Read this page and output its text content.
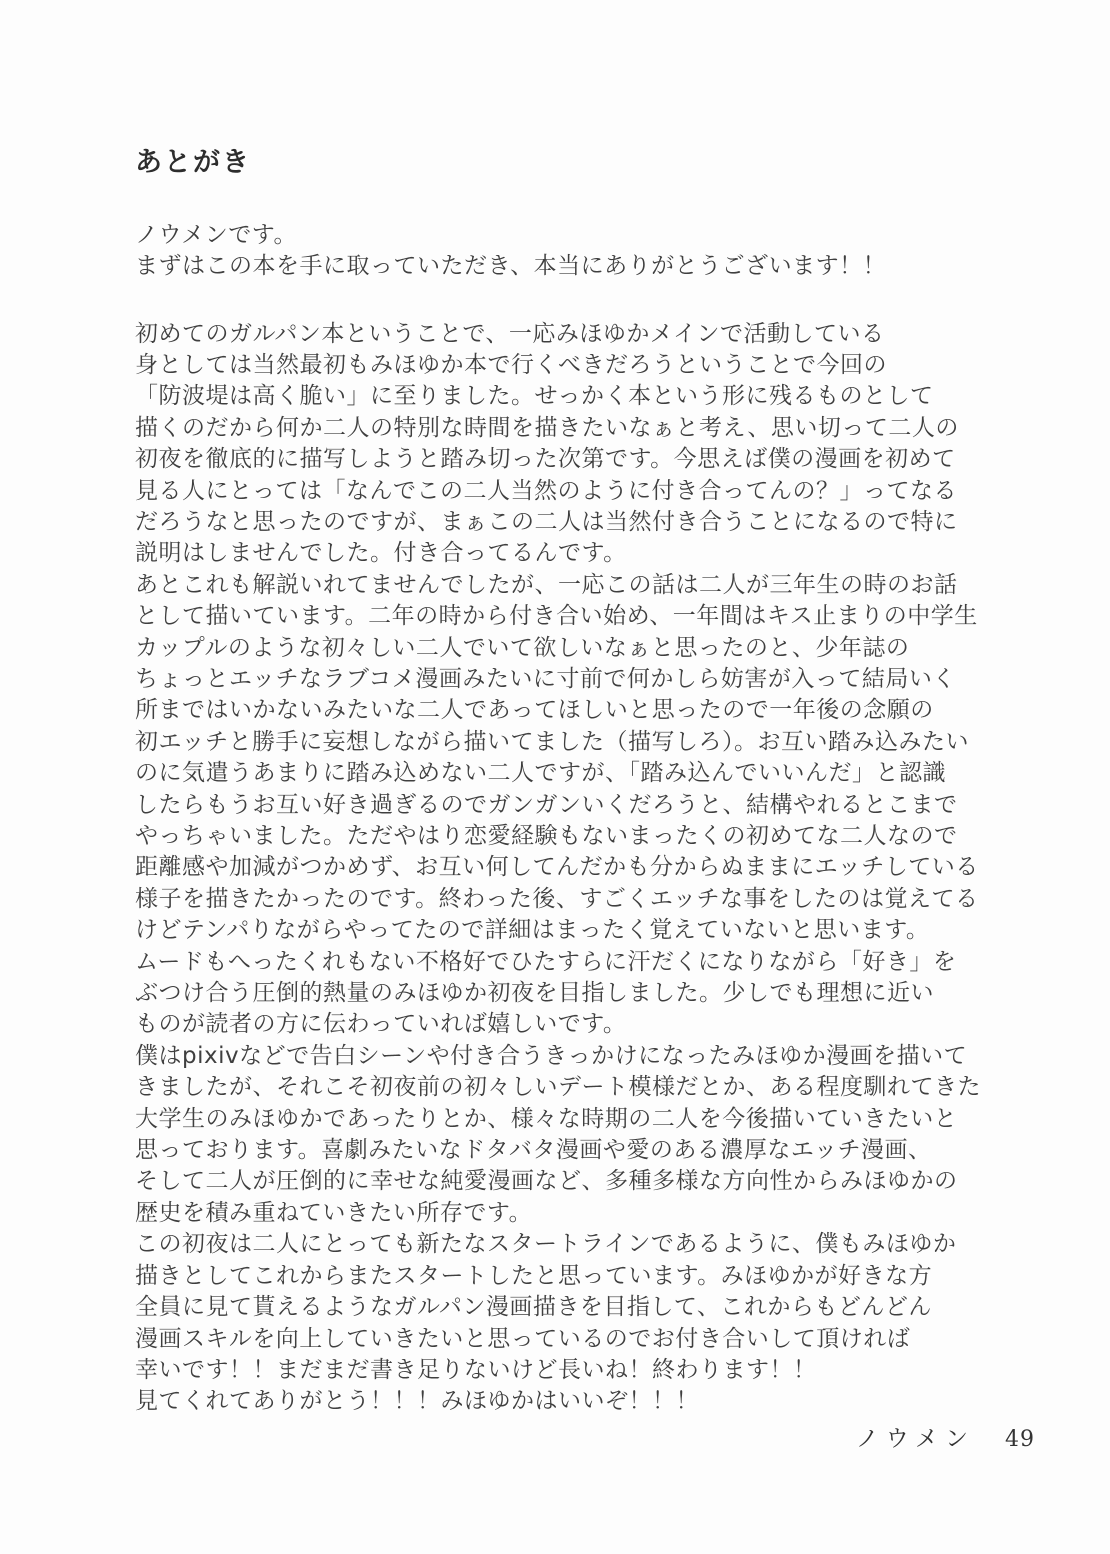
あとがき
ノウメンです。
まずはこの本を手に取っていただき、本当にありがとうございます！！
初めてのガルパン本ということで、一応みほゆかメインで活動している
身としては当然最初もみほゆか本で行くべきだろうということで今回の
「防波堤は高く脆い」に至りました。せっかく本という形に残るものとして
描くのだから何か二人の特別な時間を描きたいなぁと考え、思い切って二人の
初夜を徹底的に描写しようと踏み切った次第です。今思えば僕の漫画を初めて
見る人にとっては「なんでこの二人当然のように付き合ってんの？」ってなる
だろうなと思ったのですが、まぁこの二人は当然付き合うことになるので特に
説明はしませんでした。付き合ってるんです。
あとこれも解説いれてませんでしたが、一応この話は二人が三年生の時のお話
として描いています。二年の時から付き合い始め、一年間はキス止まりの中学生
カップルのような初々しい二人でいて欲しいなぁと思ったのと、少年誌の
ちょっとエッチなラブコメ漫画みたいに寸前で何かしら妨害が入って結局いく
所まではいかないみたいな二人であってほしいと思ったので一年後の念願の
初エッチと勝手に妄想しながら描いてました（描写しろ）。お互い踏み込みたい
のに気遣うあまりに踏み込めない二人ですが、「踏み込んでいいんだ」と認識
したらもうお互い好き過ぎるのでガンガンいくだろうと、結構やれるとこまで
やっちゃいました。ただやはり恋愛経験もないまったくの初めてな二人なので
距離感や加減がつかめず、お互い何してんだかも分からぬままにエッチしている
様子を描きたかったのです。終わった後、すごくエッチな事をしたのは覚えてる
けどテンパりながらやってたので詳細はまったく覚えていないと思います。
ムードもへったくれもない不格好でひたすらに汗だくになりながら「好き」を
ぶつけ合う圧倒的熱量のみほゆか初夜を目指しました。少しでも理想に近い
ものが読者の方に伝わっていれば嬉しいです。
僕はpixivなどで告白シーンや付き合うきっかけになったみほゆか漫画を描いて
きましたが、それこそ初夜前の初々しいデート模様だとか、ある程度馴れてきた
大学生のみほゆかであったりとか、様々な時期の二人を今後描いていきたいと
思っております。喜劇みたいなドタバタ漫画や愛のある濃厚なエッチ漫画、
そして二人が圧倒的に幸せな純愛漫画など、多種多様な方向性からみほゆかの
歴史を積み重ねていきたい所存です。
この初夜は二人にとっても新たなスタートラインであるように、僕もみほゆか
描きとしてこれからまたスタートしたと思っています。みほゆかが好きな方
全員に見て貰えるようなガルパン漫画描きを目指して、これからもどんどん
漫画スキルを向上していきたいと思っているのでお付き合いして頂ければ
幸いです！！まだまだ書き足りないけど長いね！終わります！！
見てくれてありがとう！！！みほゆかはいいぞ！！！
ノウメン 49
